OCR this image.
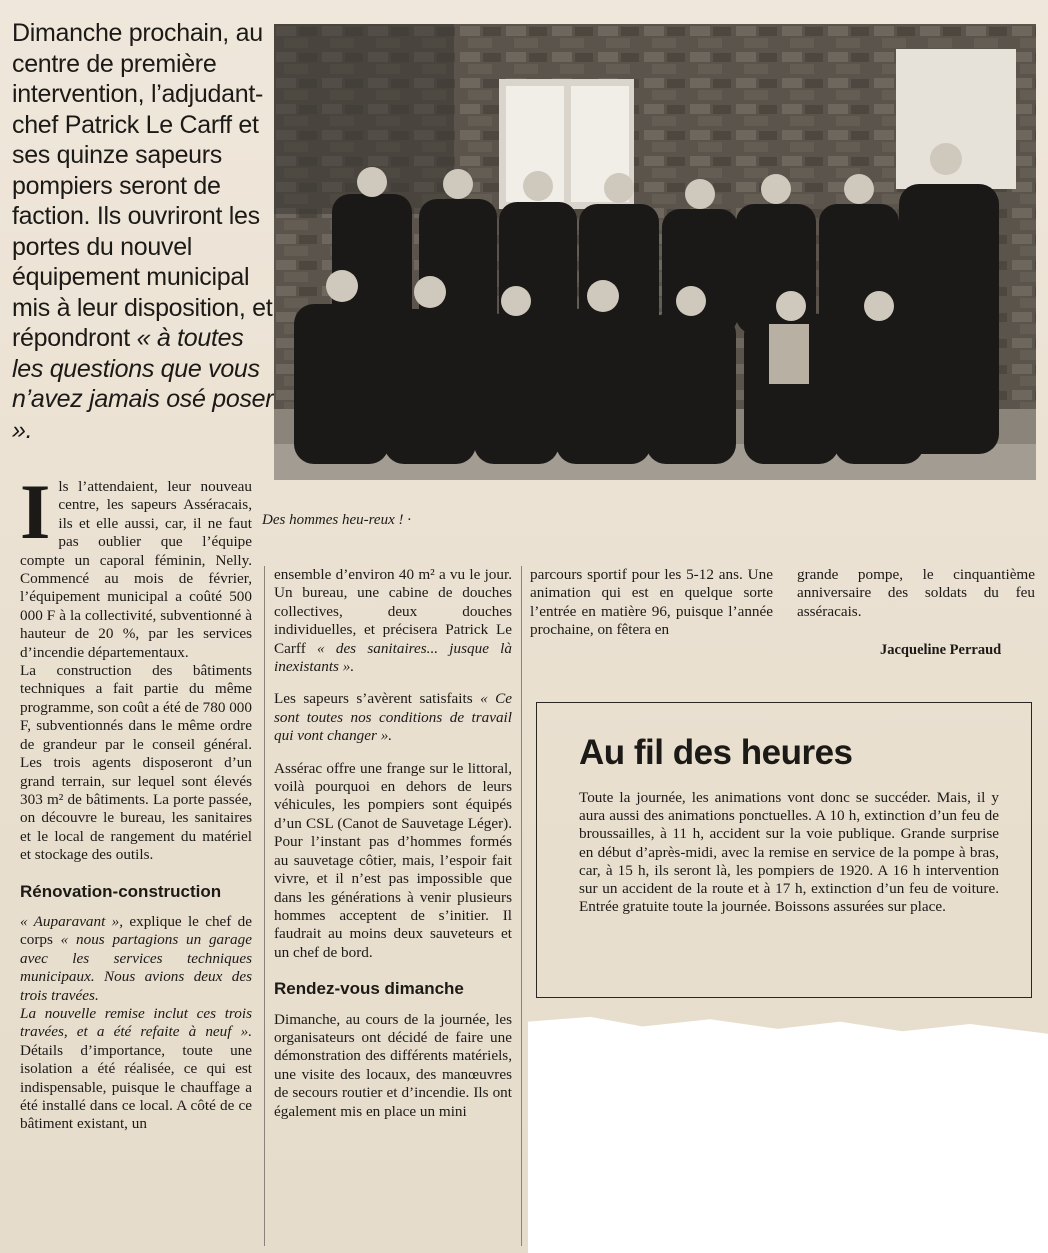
Dimanche prochain, au centre de première intervention, l’adjudant-chef Patrick Le Carff et ses quinze sapeurs pompiers seront de faction. Ils ouvriront les portes du nouvel équipement municipal mis à leur disposition, et répondront « à toutes les questions que vous n’avez jamais osé poser ».
Des hommes heu-reux ! ·
I ls l’attendaient, leur nouveau centre, les sapeurs Asséracais, ils et elle aussi, car, il ne faut pas oublier que l’équipe compte un caporal féminin, Nelly. Commencé au mois de février, l’équipement municipal a coûté 500 000 F à la collectivité, subventionné à hauteur de 20 %, par les services d’incendie départementaux.

La construction des bâtiments techniques a fait partie du même programme, son coût a été de 780 000 F, subventionnés dans le même ordre de grandeur par le conseil général. Les trois agents disposeront d’un grand terrain, sur lequel sont élevés 303 m² de bâtiments. La porte passée, on découvre le bureau, les sanitaires et le local de rangement du matériel et stockage des outils.

Rénovation-construction

« Auparavant », explique le chef de corps « nous partagions un garage avec les services techniques municipaux. Nous avions deux des trois travées.

La nouvelle remise inclut ces trois travées, et a été refaite à neuf ». Détails d’importance, toute une isolation a été réalisée, ce qui est indispensable, puisque le chauffage a été installé dans ce local. A côté de ce bâtiment existant, un

ensemble d’environ 40 m² a vu le jour. Un bureau, une cabine de douches collectives, deux douches individuelles, et précisera Patrick Le Carff « des sanitaires... jusque là inexistants ».

Les sapeurs s’avèrent satisfaits « Ce sont toutes nos conditions de travail qui vont changer ».

Assérac offre une frange sur le littoral, voilà pourquoi en dehors de leurs véhicules, les pompiers sont équipés d’un CSL (Canot de Sauvetage Léger). Pour l’instant pas d’hommes formés au sauvetage côtier, mais, l’espoir fait vivre, et il n’est pas impossible que dans les générations à venir plusieurs hommes acceptent de s’initier. Il faudrait au moins deux sauveteurs et un chef de bord.

Rendez-vous dimanche

Dimanche, au cours de la journée, les organisateurs ont décidé de faire une démonstration des différents matériels, une visite des locaux, des manœuvres de secours routier et d’incendie. Ils ont également mis en place un mini

parcours sportif pour les 5-12 ans. Une animation qui est en quelque sorte l’entrée en matière 96, puisque l’année prochaine, on fêtera en

grande pompe, le cinquantième anniversaire des soldats du feu asséracais.

Jacqueline Perraud
Au fil des heures
Toute la journée, les animations vont donc se succéder. Mais, il y aura aussi des animations ponctuelles. A 10 h, extinction d’un feu de broussailles, à 11 h, accident sur la voie publique. Grande surprise en début d’après-midi, avec la remise en service de la pompe à bras, car, à 15 h, ils seront là, les pompiers de 1920. A 16 h intervention sur un accident de la route et à 17 h, extinction d’un feu de voiture. Entrée gratuite toute la journée. Boissons assurées sur place.
